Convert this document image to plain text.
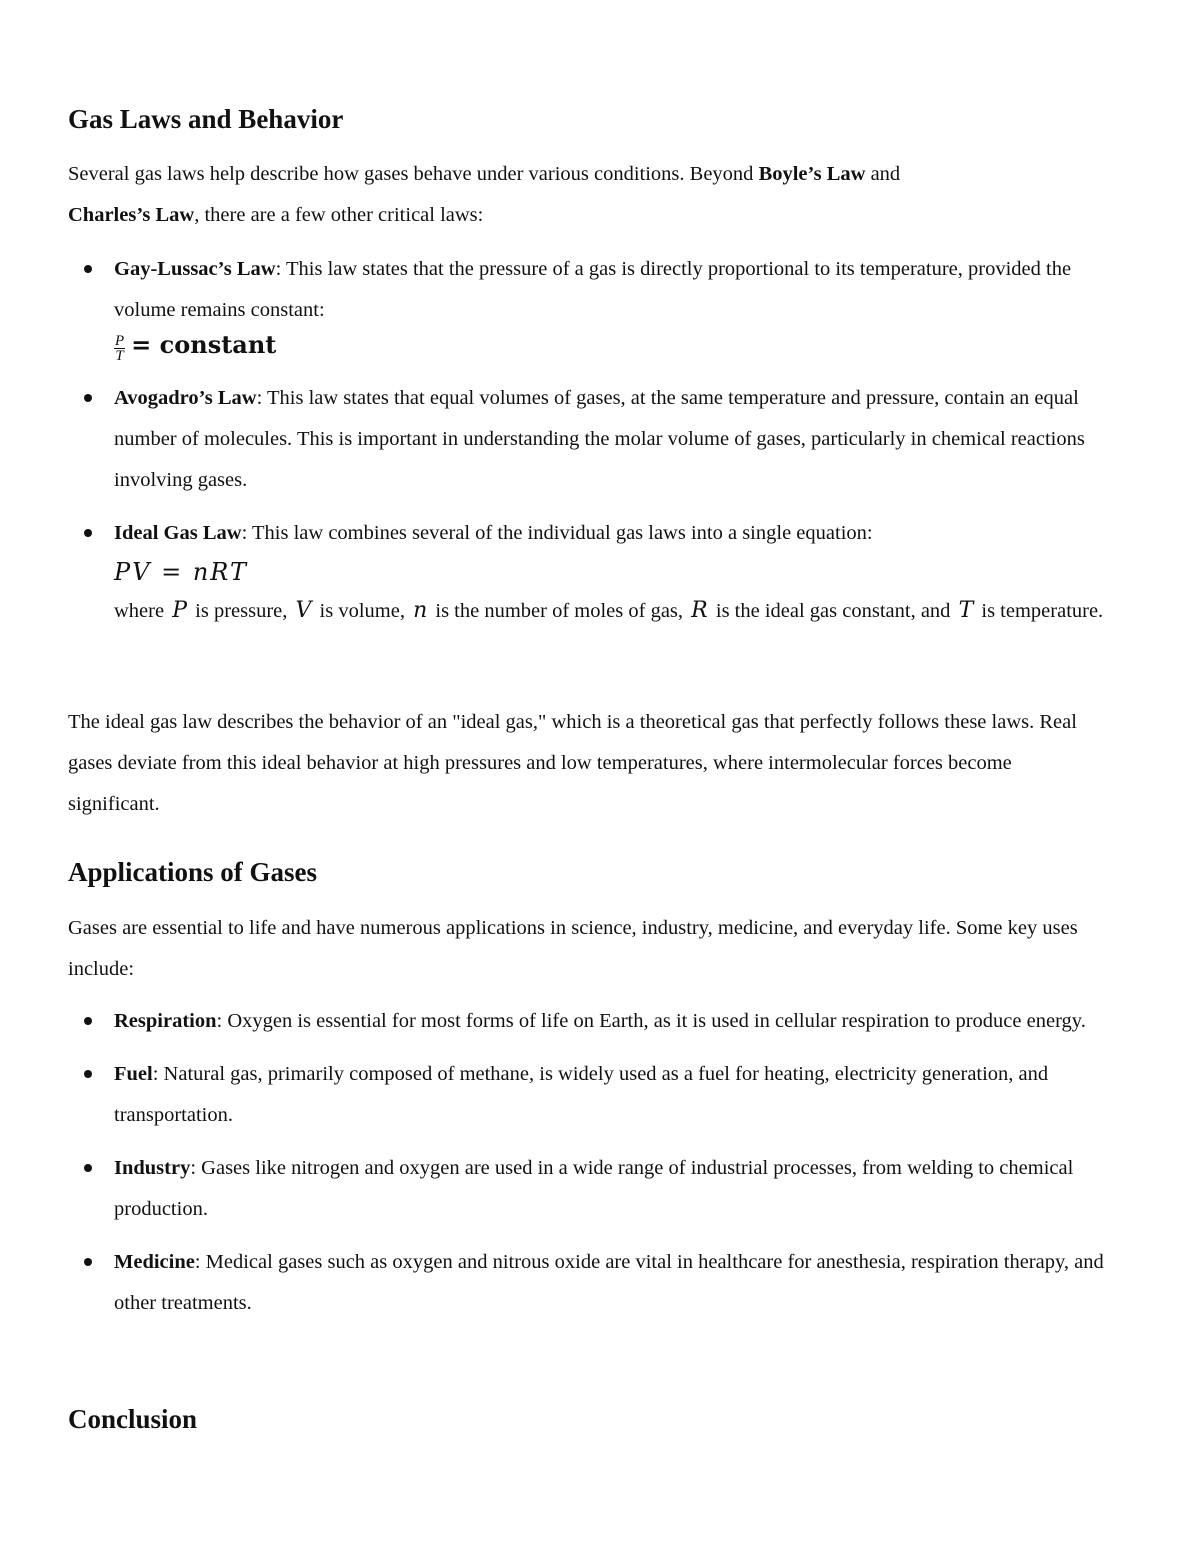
Gas Laws and Behavior

Several gas laws help describe how gases behave under various conditions. Beyond Boyle’s Law and Charles’s Law, there are a few other critical laws:

Gay-Lussac’s Law: This law states that the pressure of a gas is directly proportional to its temperature, provided the volume remains constant:
$\frac{P}{T}$ = constant
Avogadro’s Law: This law states that equal volumes of gases, at the same temperature and pressure, contain an equal number of molecules. This is important in understanding the molar volume of gases, particularly in chemical reactions involving gases.
Ideal Gas Law: This law combines several of the individual gas laws into a single equation:
PV = nRT
where P is pressure, V is volume, n is the number of moles of gas, R is the ideal gas constant, and T is temperature.

The ideal gas law describes the behavior of an "ideal gas," which is a theoretical gas that perfectly follows these laws. Real gases deviate from this ideal behavior at high pressures and low temperatures, where intermolecular forces become significant.

Applications of Gases

Gases are essential to life and have numerous applications in science, industry, medicine, and everyday life. Some key uses include:

Respiration: Oxygen is essential for most forms of life on Earth, as it is used in cellular respiration to produce energy.
Fuel: Natural gas, primarily composed of methane, is widely used as a fuel for heating, electricity generation, and transportation.
Industry: Gases like nitrogen and oxygen are used in a wide range of industrial processes, from welding to chemical production.
Medicine: Medical gases such as oxygen and nitrous oxide are vital in healthcare for anesthesia, respiration therapy, and other treatments.
Conclusion
